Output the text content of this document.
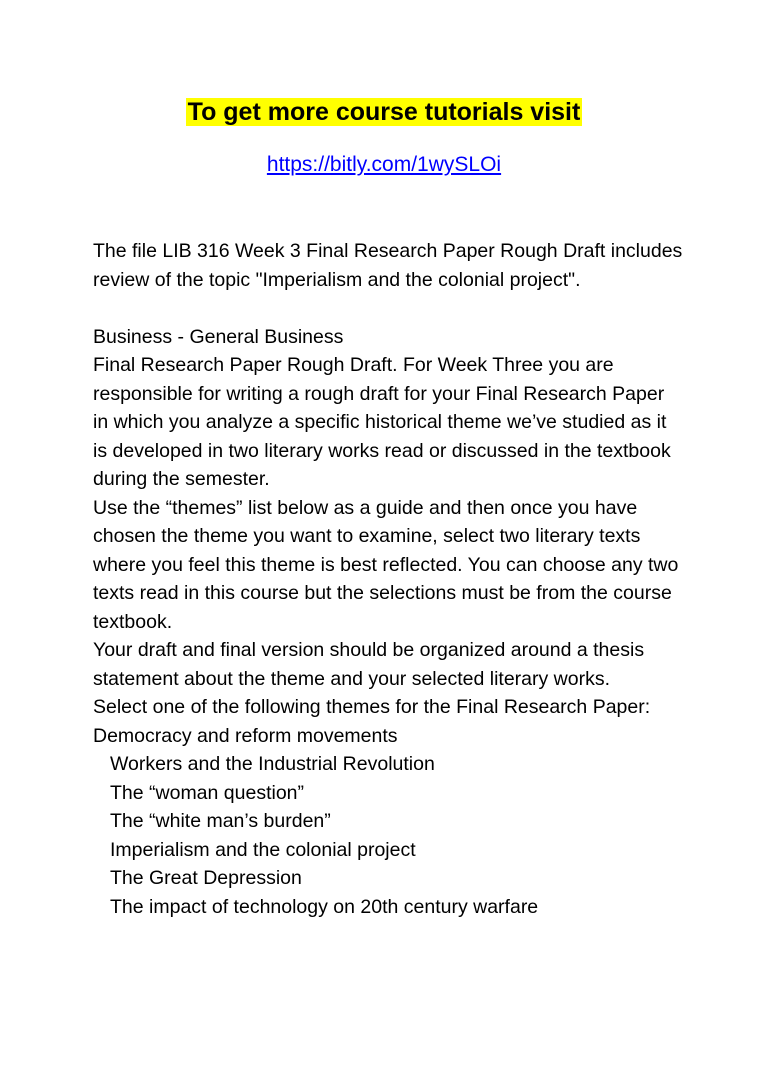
To get more course tutorials visit
https://bitly.com/1wySLOi

The file LIB 316 Week 3 Final Research Paper Rough Draft includes review of the topic "Imperialism and the colonial project".

Business - General Business

Final Research Paper Rough Draft. For Week Three you are responsible for writing a rough draft for your Final Research Paper in which you analyze a specific historical theme we’ve studied as it is developed in two literary works read or discussed in the textbook during the semester.

Use the “themes” list below as a guide and then once you have chosen the theme you want to examine, select two literary texts where you feel this theme is best reflected. You can choose any two texts read in this course but the selections must be from the course textbook.

Your draft and final version should be organized around a thesis statement about the theme and your selected literary works.

Select one of the following themes for the Final Research Paper: Democracy and reform movements

Workers and the Industrial Revolution

The “woman question”

The “white man’s burden”

Imperialism and the colonial project

The Great Depression

The impact of technology on 20th century warfare
